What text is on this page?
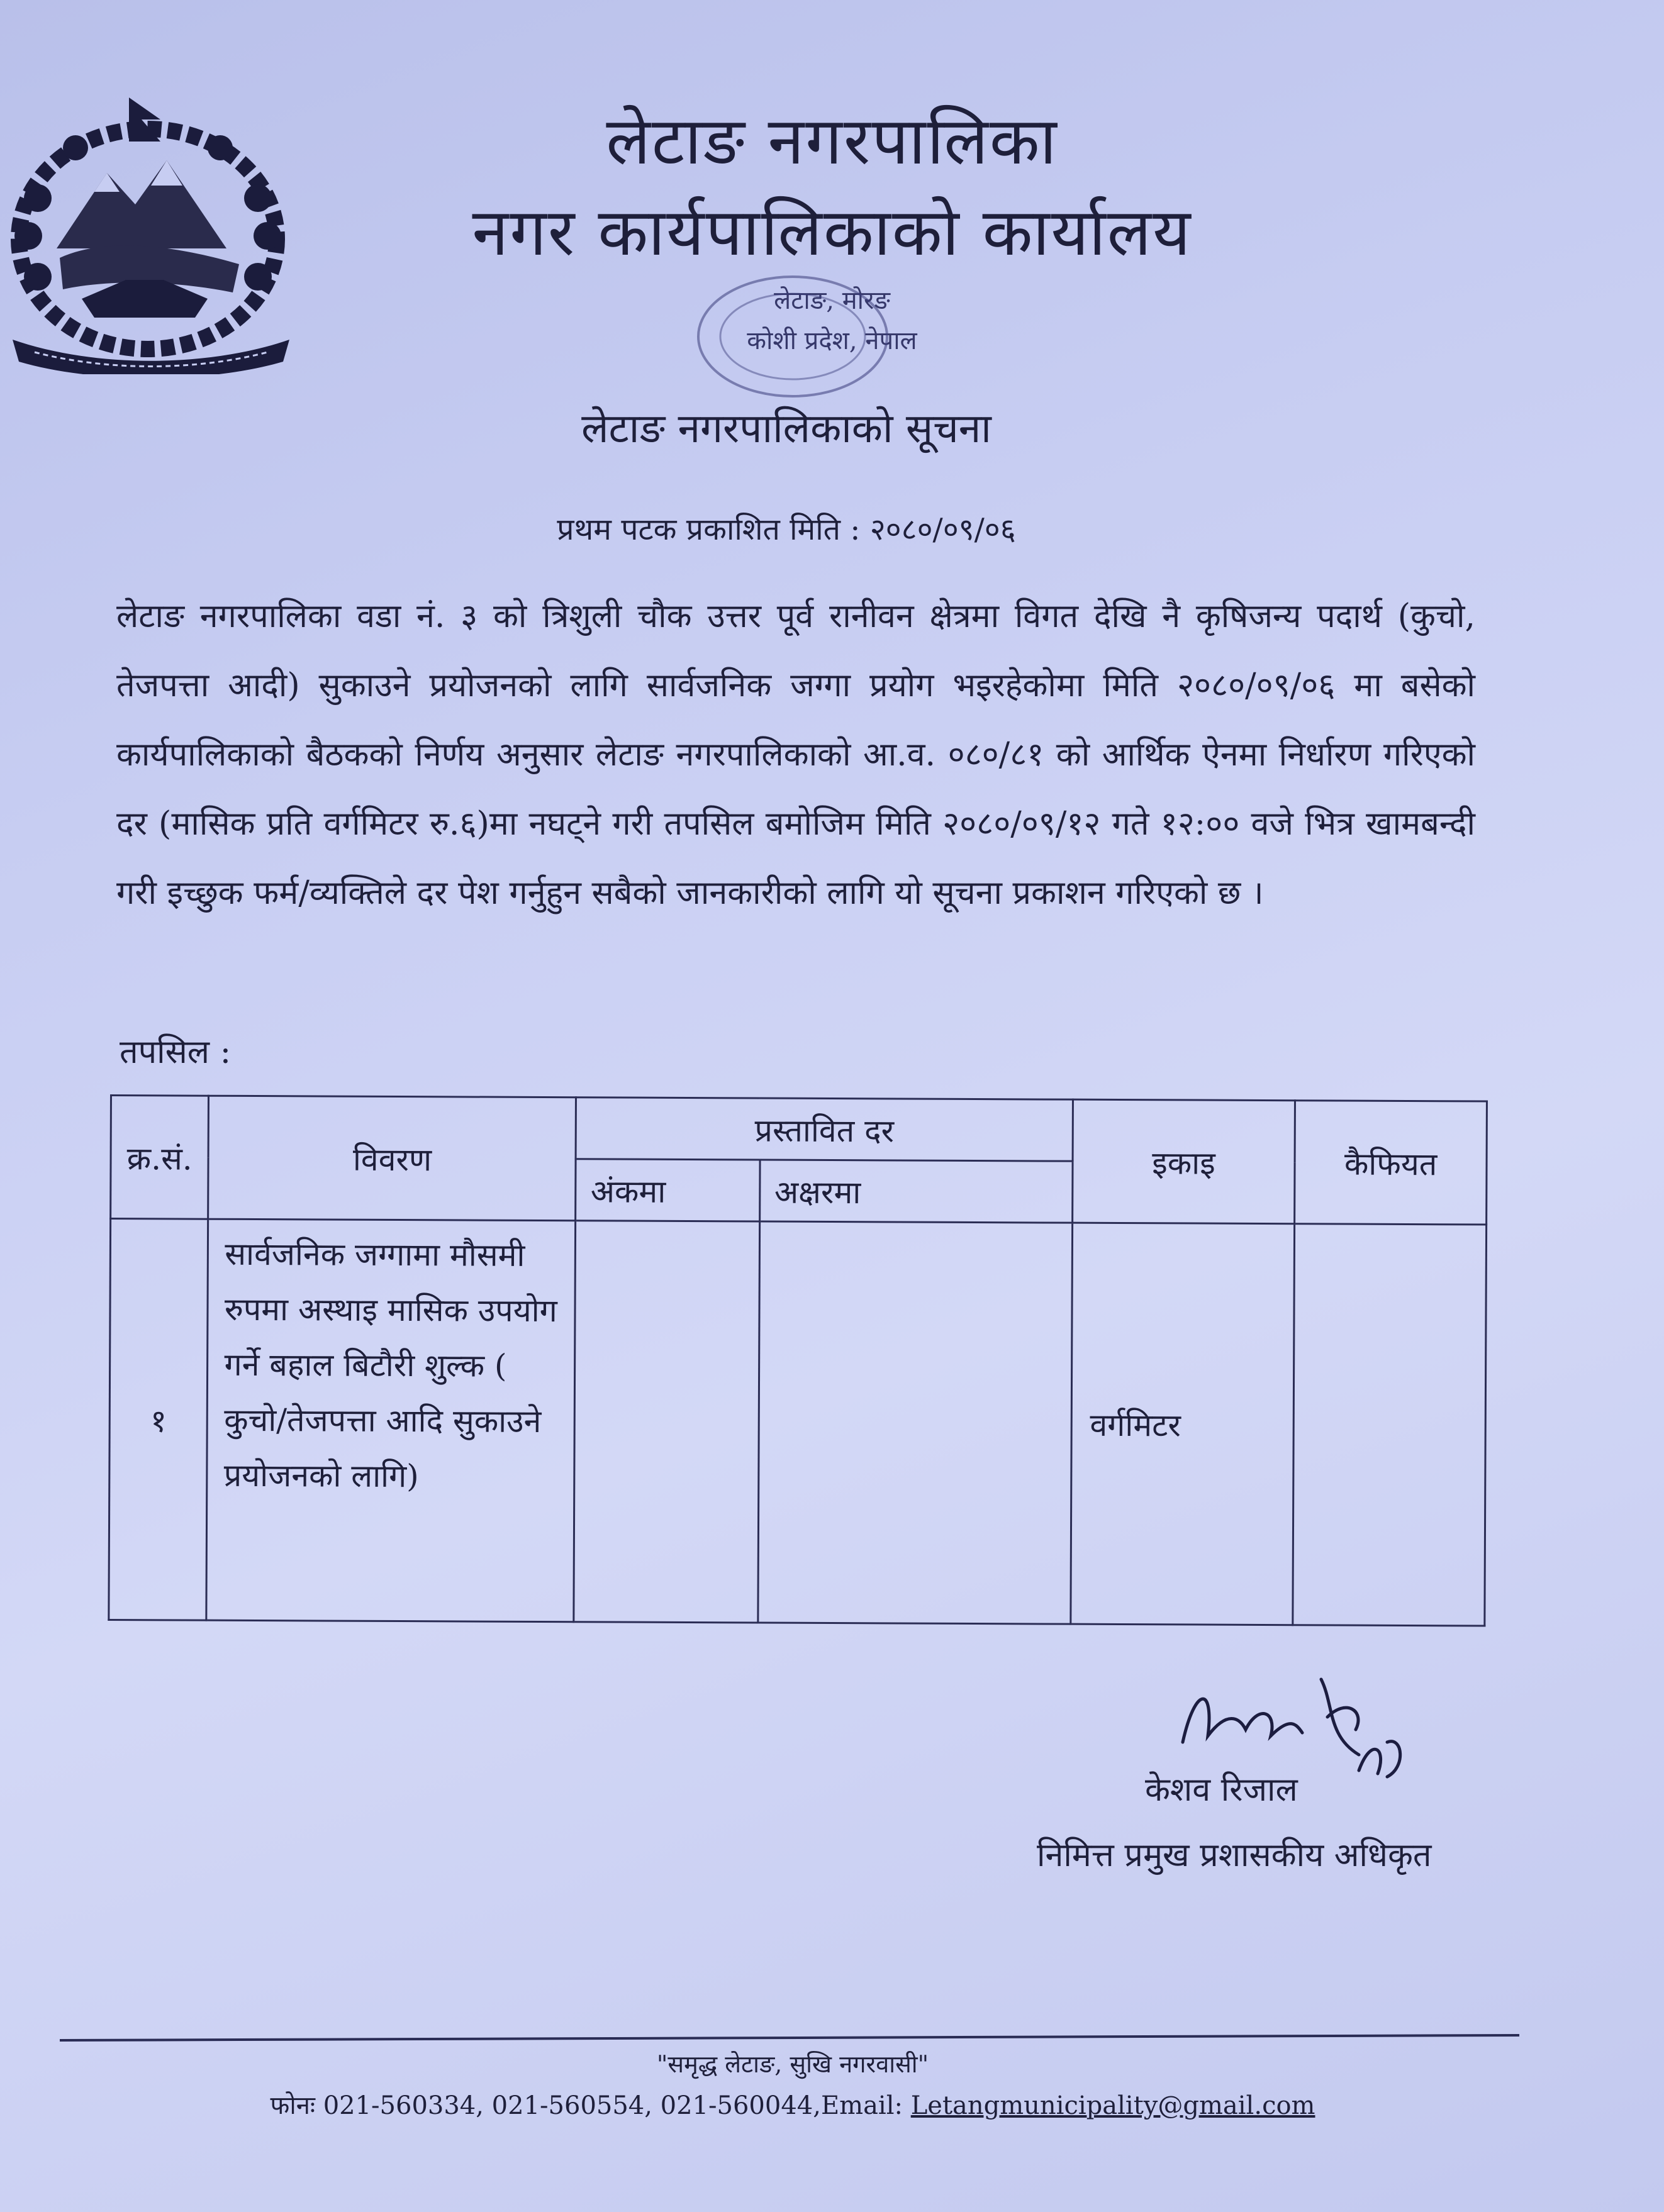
लेटाङ नगरपालिका
नगर कार्यपालिकाको कार्यालय
लेटाङ, मोरङ
कोशी प्रदेश, नेपाल
लेटाङ नगरपालिकाको सूचना
प्रथम पटक प्रकाशित मिति : २०८०/०९/०६
लेटाङ नगरपालिका वडा नं. ३ को त्रिशुली चौक उत्तर पूर्व रानीवन क्षेत्रमा विगत देखि नै कृषिजन्य पदार्थ (कुचो, तेजपत्ता आदी) सुकाउने प्रयोजनको लागि सार्वजनिक जग्गा प्रयोग भइरहेकोमा मिति २०८०/०९/०६ मा बसेको कार्यपालिकाको बैठकको निर्णय अनुसार लेटाङ नगरपालिकाको आ.व. ०८०/८१ को आर्थिक ऐनमा निर्धारण गरिएको दर (मासिक प्रति वर्गमिटर रु.६)मा नघट्ने गरी तपसिल बमोजिम मिति २०८०/०९/१२ गते १२:०० वजे भित्र खामबन्दी गरी इच्छुक फर्म/व्यक्तिले दर पेश गर्नुहुन सबैको जानकारीको लागि यो सूचना प्रकाशन गरिएको छ ।
तपसिल :
क्र.सं.	विवरण	प्रस्तावित दर		इकाइ	कैफियत
		अंकमा	अक्षरमा		
१	सार्वजनिक जग्गामा मौसमी रुपमा अस्थाइ मासिक उपयोग गर्ने बहाल बिटौरी शुल्क ( कुचो/तेजपत्ता आदि सुकाउने प्रयोजनको लागि)			वर्गमिटर	
केशव रिजाल
निमित्त प्रमुख प्रशासकीय अधिकृत
"समृद्ध लेटाङ, सुखि नगरवासी"
फोनः 021-560334, 021-560554, 021-560044,Email: Letangmunicipality@gmail.com
